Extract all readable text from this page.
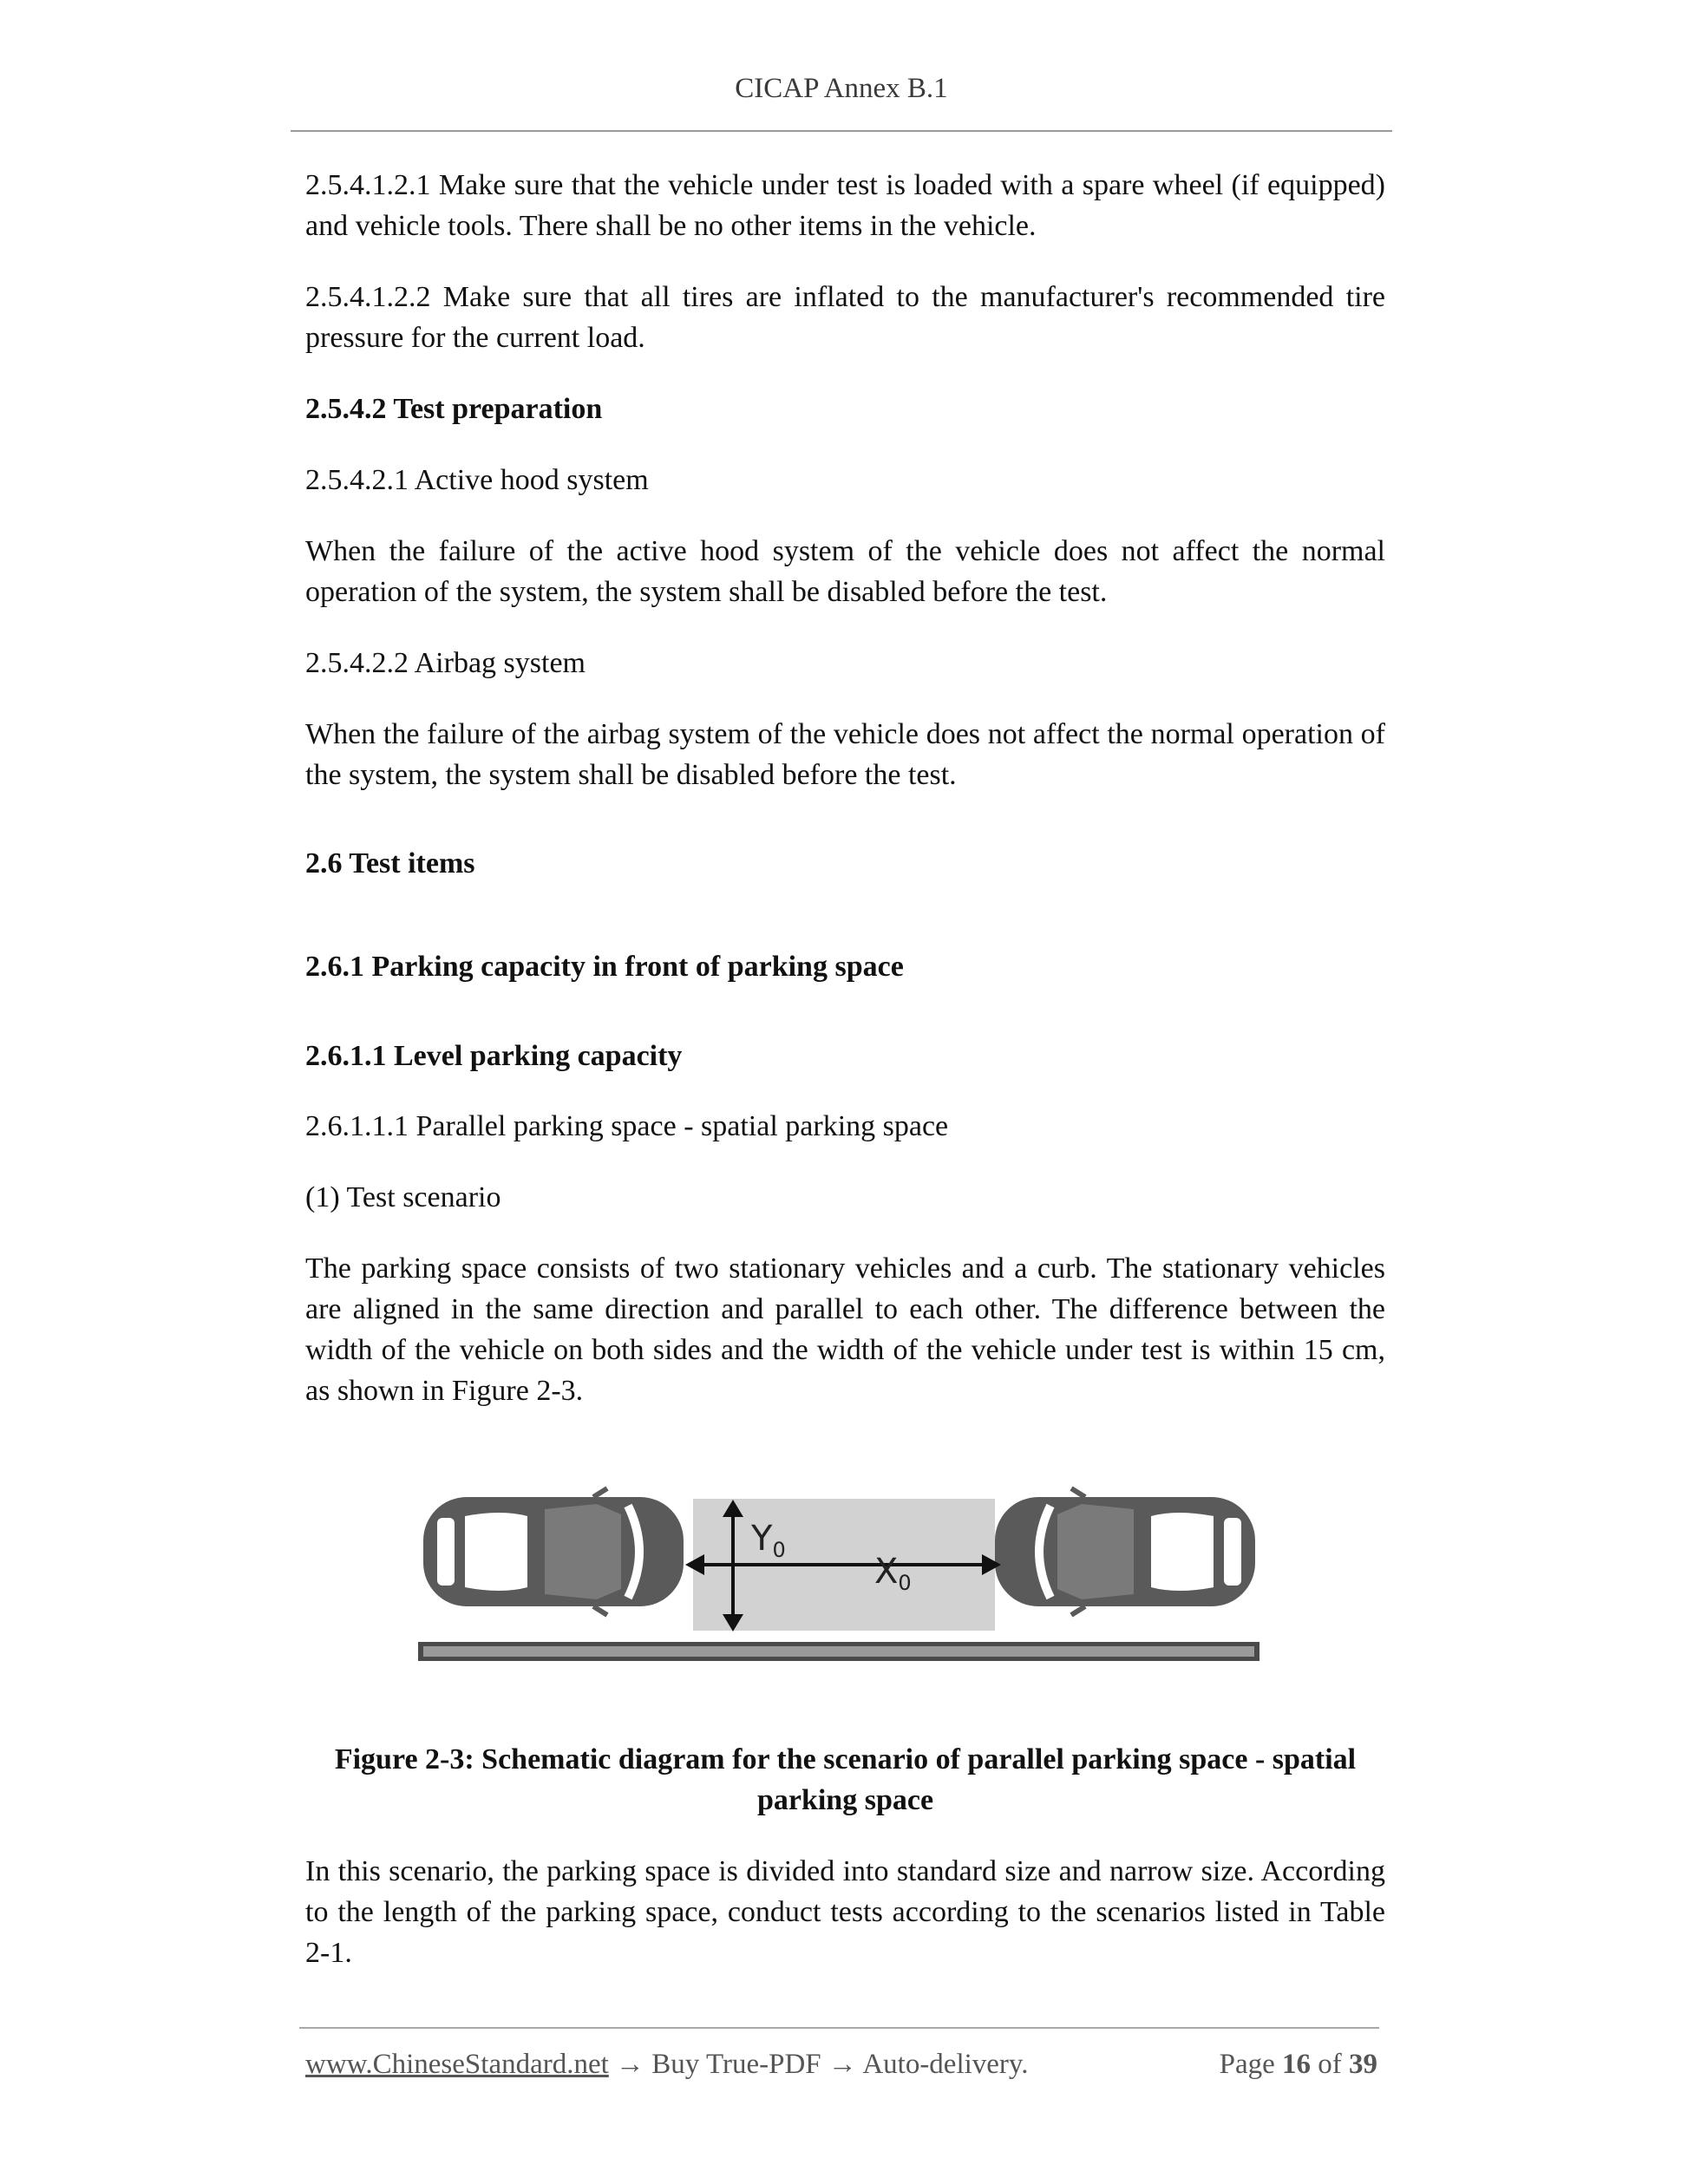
CICAP Annex B.1

2.5.4.1.2.1 Make sure that the vehicle under test is loaded with a spare wheel (if equipped) and vehicle tools. There shall be no other items in the vehicle.

2.5.4.1.2.2 Make sure that all tires are inflated to the manufacturer's recommended tire pressure for the current load.

2.5.4.2 Test preparation

2.5.4.2.1 Active hood system

When the failure of the active hood system of the vehicle does not affect the normal operation of the system, the system shall be disabled before the test.

2.5.4.2.2 Airbag system

When the failure of the airbag system of the vehicle does not affect the normal operation of the system, the system shall be disabled before the test.

2.6 Test items

2.6.1 Parking capacity in front of parking space

2.6.1.1 Level parking capacity

2.6.1.1.1 Parallel parking space - spatial parking space

(1) Test scenario

The parking space consists of two stationary vehicles and a curb. The stationary vehicles are aligned in the same direction and parallel to each other. The difference between the width of the vehicle on both sides and the width of the vehicle under test is within 15 cm, as shown in Figure 2-3.

$Y_0$
$X_0$
Figure 2-3: Schematic diagram for the scenario of parallel parking space - spatial
parking space

In this scenario, the parking space is divided into standard size and narrow size. According to the length of the parking space, conduct tests according to the scenarios listed in Table 2-1.

www.ChineseStandard.net → Buy True-PDF → Auto-delivery.	Page 16 of 39
